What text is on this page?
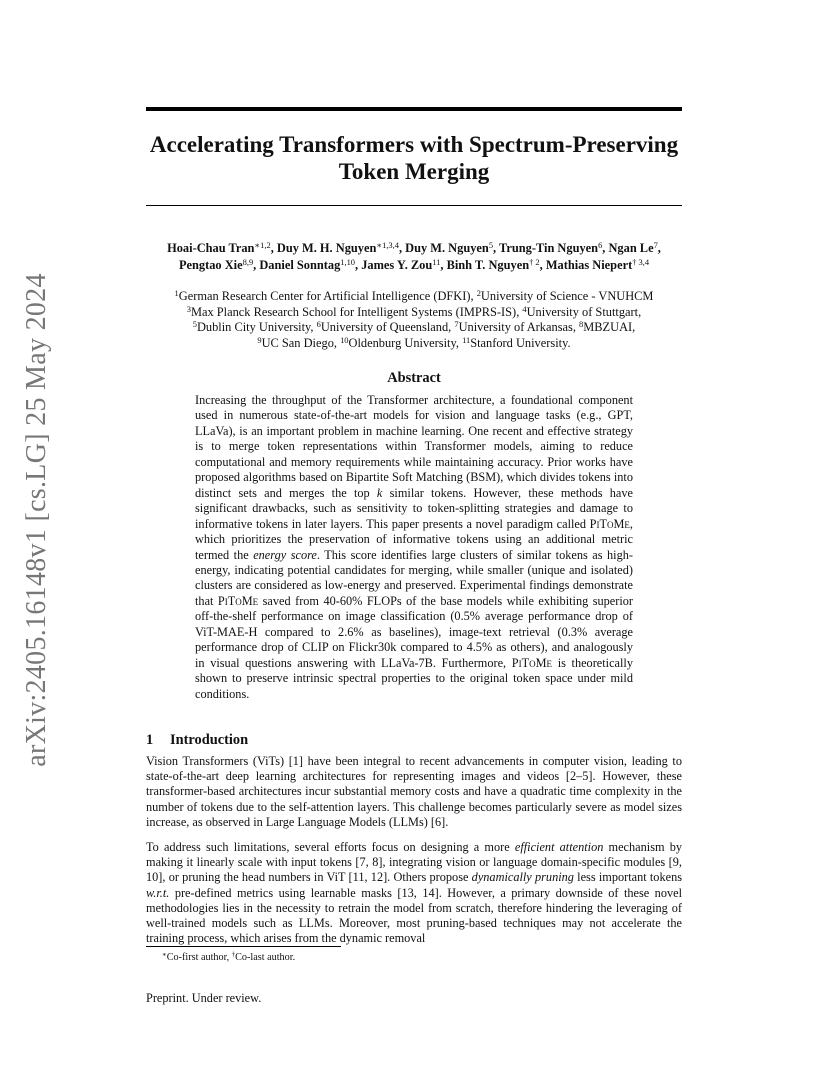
arXiv:2405.16148v1 [cs.LG] 25 May 2024
Accelerating Transformers with Spectrum-Preserving
Token Merging
Hoai-Chau Tran$^{∗1,2}$, Duy M. H. Nguyen$^{∗1,3,4}$, Duy M. Nguyen$^5$, Trung-Tin Nguyen$^6$, Ngan Le$^7$,
Pengtao Xie$^{8,9}$, Daniel Sonntag$^{1,10}$, James Y. Zou$^{11}$, Binh T. Nguyen$^{\dagger 2}$, Mathias Niepert$^{\dagger 3,4}$
$^1$German Research Center for Artificial Intelligence (DFKI), $^2$University of Science - VNUHCM
$^3$Max Planck Research School for Intelligent Systems (IMPRS-IS), $^4$University of Stuttgart,
$^5$Dublin City University, $^6$University of Queensland, $^7$University of Arkansas, $^8$MBZUAI,
$^9$UC San Diego, $^{10}$Oldenburg University, $^{11}$Stanford University.
Abstract

Increasing the throughput of the Transformer architecture, a foundational component used in numerous state-of-the-art models for vision and language tasks (e.g., GPT, LLaVa), is an important problem in machine learning. One recent and effective strategy is to merge token representations within Transformer models, aiming to reduce computational and memory requirements while maintaining accuracy. Prior works have proposed algorithms based on Bipartite Soft Matching (BSM), which divides tokens into distinct sets and merges the top k similar tokens. However, these methods have significant drawbacks, such as sensitivity to token-splitting strategies and damage to informative tokens in later layers. This paper presents a novel paradigm called PiToMe, which prioritizes the preservation of informative tokens using an additional metric termed the energy score. This score identifies large clusters of similar tokens as high-energy, indicating potential candidates for merging, while smaller (unique and isolated) clusters are considered as low-energy and preserved. Experimental findings demonstrate that PiToMe saved from 40-60% FLOPs of the base models while exhibiting superior off-the-shelf performance on image classification (0.5% average performance drop of ViT-MAE-H compared to 2.6% as baselines), image-text retrieval (0.3% average performance drop of CLIP on Flickr30k compared to 4.5% as others), and analogously in visual questions answering with LLaVa-7B. Furthermore, PiToMe is theoretically shown to preserve intrinsic spectral properties to the original token space under mild conditions.

1 Introduction

Vision Transformers (ViTs) [1] have been integral to recent advancements in computer vision, leading to state-of-the-art deep learning architectures for representing images and videos [2–5]. However, these transformer-based architectures incur substantial memory costs and have a quadratic time complexity in the number of tokens due to the self-attention layers. This challenge becomes particularly severe as model sizes increase, as observed in Large Language Models (LLMs) [6].

To address such limitations, several efforts focus on designing a more efficient attention mechanism by making it linearly scale with input tokens [7, 8], integrating vision or language domain-specific modules [9, 10], or pruning the head numbers in ViT [11, 12]. Others propose dynamically pruning less important tokens w.r.t. pre-defined metrics using learnable masks [13, 14]. However, a primary downside of these novel methodologies lies in the necessity to retrain the model from scratch, therefore hindering the leveraging of well-trained models such as LLMs. Moreover, most pruning-based techniques may not accelerate the training process, which arises from the dynamic removal

∗Co-first author, †Co-last author.

Preprint. Under review.
